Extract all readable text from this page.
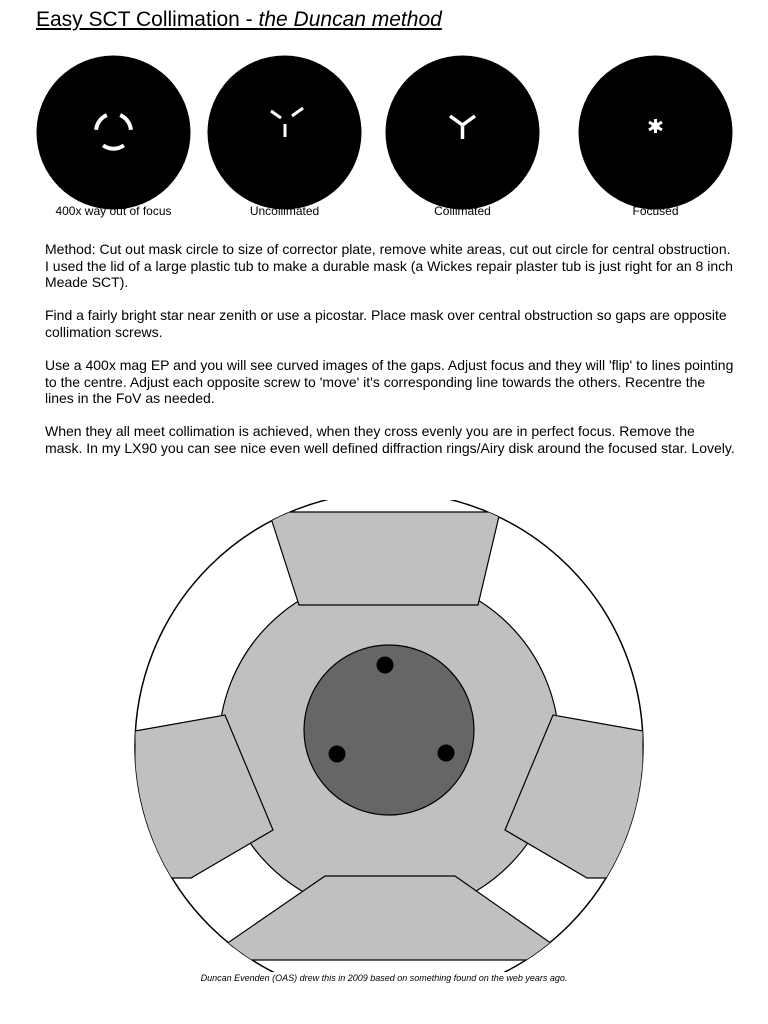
Easy SCT Collimation - the Duncan method
400x way out of focus	Uncollimated	Collimated	Focused

Method: Cut out mask circle to size of corrector plate, remove white areas, cut out circle for central obstruction. I used the lid of a large plastic tub to make a durable mask (a Wickes repair plaster tub is just right for an 8 inch Meade SCT).

Find a fairly bright star near zenith or use a picostar. Place mask over central obstruction so gaps are opposite collimation screws.

Use a 400x mag EP and you will see curved images of the gaps. Adjust focus and they will 'flip' to lines pointing to the centre. Adjust each opposite screw to 'move' it's corresponding line towards the others. Recentre the lines in the FoV as needed.

When they all meet collimation is achieved, when they cross evenly you are in perfect focus. Remove the mask. In my LX90 you can see nice even well defined diffraction rings/Airy disk around the focused star. Lovely.

Duncan Evenden (OAS) drew this in 2009 based on something found on the web years ago.
